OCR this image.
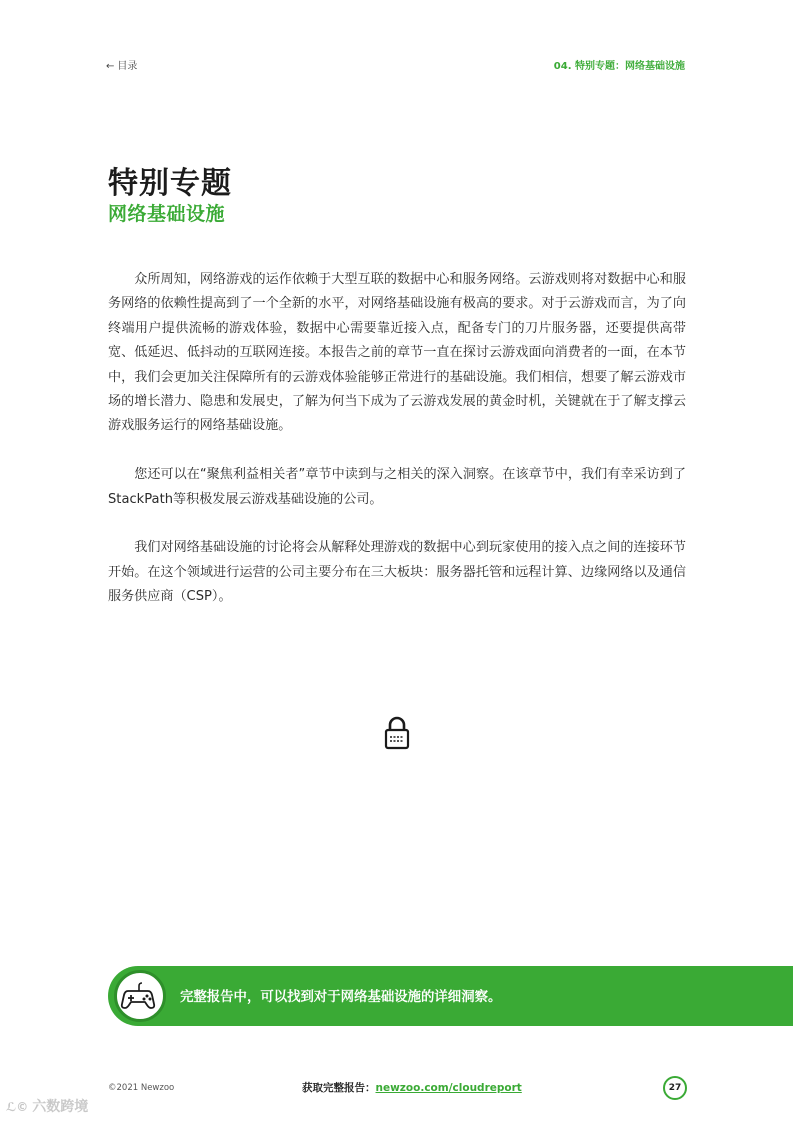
← 目录	04. 特别专题：网络基础设施
特别专题
网络基础设施

众所周知，网络游戏的运作依赖于大型互联的数据中心和服务网络。云游戏则将对数据中心和服务网络的依赖性提高到了一个全新的水平，对网络基础设施有极高的要求。对于云游戏而言，为了向终端用户提供流畅的游戏体验，数据中心需要靠近接入点，配备专门的刀片服务器，还要提供高带宽、低延迟、低抖动的互联网连接。本报告之前的章节一直在探讨云游戏面向消费者的一面，在本节中，我们会更加关注保障所有的云游戏体验能够正常进行的基础设施。我们相信，想要了解云游戏市场的增长潜力、隐患和发展史，了解为何当下成为了云游戏发展的黄金时机，关键就在于了解支撑云游戏服务运行的网络基础设施。

您还可以在“聚焦利益相关者”章节中读到与之相关的深入洞察。在该章节中，我们有幸采访到了StackPath等积极发展云游戏基础设施的公司。

我们对网络基础设施的讨论将会从解释处理游戏的数据中心到玩家使用的接入点之间的连接环节开始。在这个领域进行运营的公司主要分布在三大板块：服务器托管和远程计算、边缘网络以及通信服务供应商（CSP）。

完整报告中，可以找到对于网络基础设施的详细洞察。
©2021 Newzoo	获取完整报告：newzoo.com/cloudreport	27
ℒ© 六数跨境
